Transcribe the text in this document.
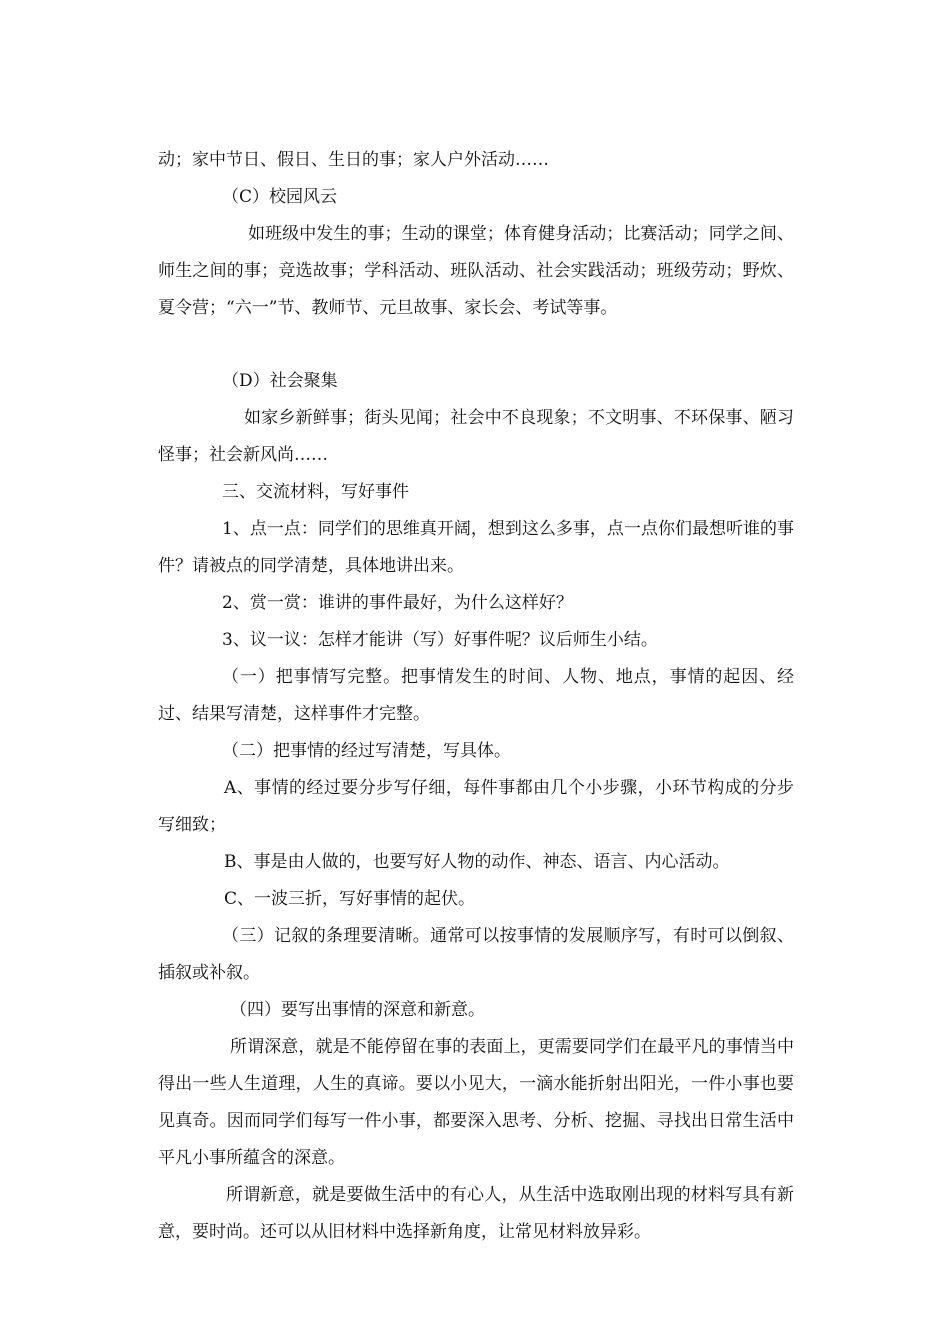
动；家中节日、假日、生日的事；家人户外活动……

（C）校园风云

如班级中发生的事；生动的课堂；体育健身活动；比赛活动；同学之间、师生之间的事；竞选故事；学科活动、班队活动、社会实践活动；班级劳动；野炊、夏令营；“六一”节、教师节、元旦故事、家长会、考试等事。

（D）社会聚集

如家乡新鲜事；街头见闻；社会中不良现象；不文明事、不环保事、陋习怪事；社会新风尚……

三、交流材料，写好事件

1、点一点：同学们的思维真开阔，想到这么多事，点一点你们最想听谁的事件？请被点的同学清楚，具体地讲出来。

2、赏一赏：谁讲的事件最好，为什么这样好？

3、议一议：怎样才能讲（写）好事件呢？议后师生小结。

（一）把事情写完整。把事情发生的时间、人物、地点，事情的起因、经过、结果写清楚，这样事件才完整。

（二）把事情的经过写清楚，写具体。

A、事情的经过要分步写仔细，每件事都由几个小步骤，小环节构成的分步写细致；

B、事是由人做的，也要写好人物的动作、神态、语言、内心活动。

C、一波三折，写好事情的起伏。

（三）记叙的条理要清晰。通常可以按事情的发展顺序写，有时可以倒叙、插叙或补叙。

（四）要写出事情的深意和新意。

所谓深意，就是不能停留在事的表面上，更需要同学们在最平凡的事情当中得出一些人生道理，人生的真谛。要以小见大，一滴水能折射出阳光，一件小事也要见真奇。因而同学们每写一件小事，都要深入思考、分析、挖掘、寻找出日常生活中平凡小事所蕴含的深意。

所谓新意，就是要做生活中的有心人，从生活中选取刚出现的材料写具有新意，要时尚。还可以从旧材料中选择新角度，让常见材料放异彩。
